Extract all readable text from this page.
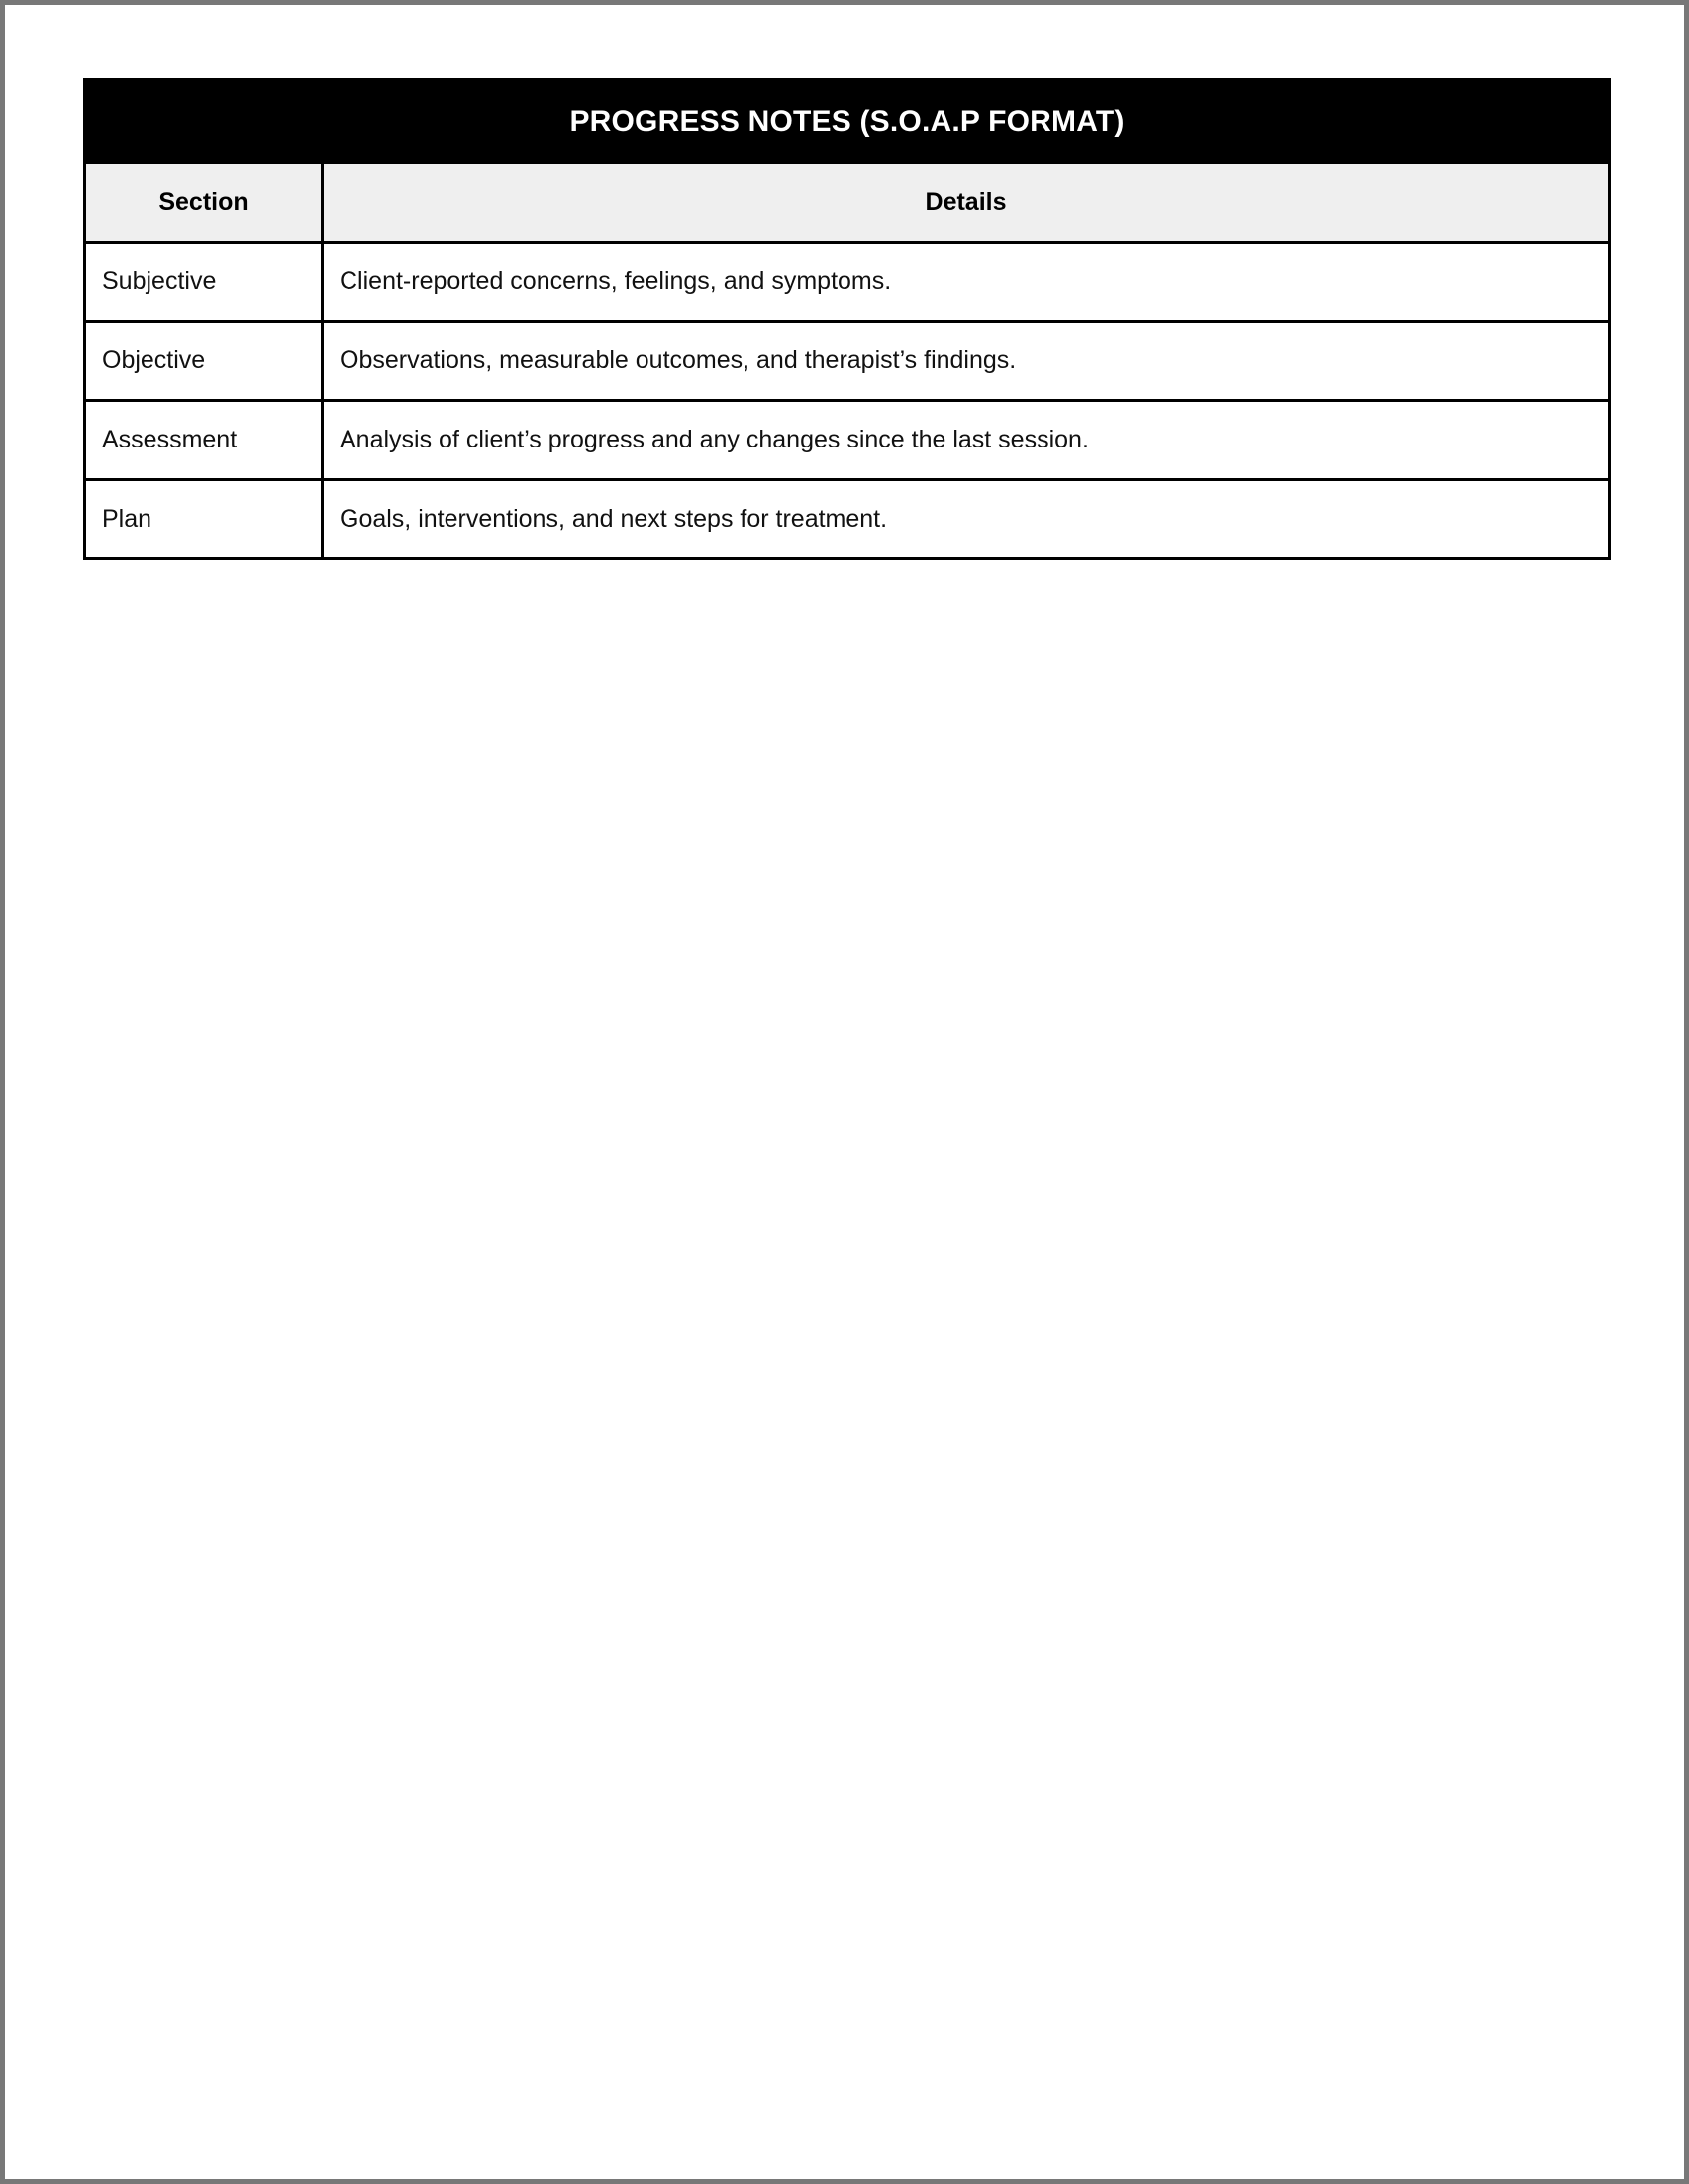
PROGRESS NOTES (S.O.A.P FORMAT)	
Section	Details
Subjective	Client-reported concerns, feelings, and symptoms.
Objective	Observations, measurable outcomes, and therapist’s findings.
Assessment	Analysis of client’s progress and any changes since the last session.
Plan	Goals, interventions, and next steps for treatment.
